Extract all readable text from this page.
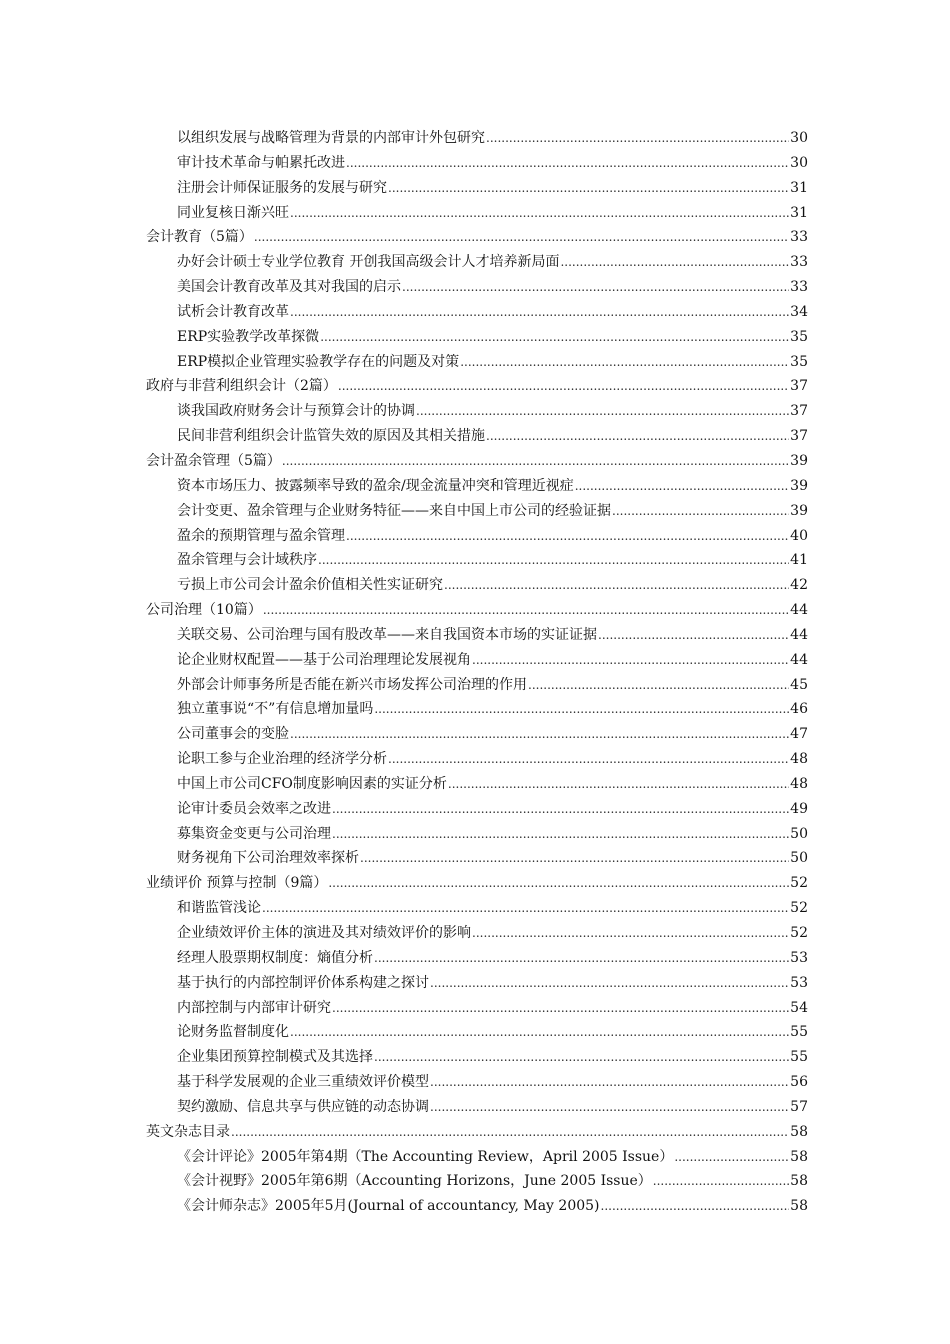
以组织发展与战略管理为背景的内部审计外包研究 .....	30
审计技术革命与帕累托改进 .....	30
注册会计师保证服务的发展与研究 .....	31
同业复核日渐兴旺 .....	31
会计教育（5篇） .....	33
办好会计硕士专业学位教育 开创我国高级会计人才培养新局面 .....	33
美国会计教育改革及其对我国的启示 .....	33
试析会计教育改革 .....	34
ERP实验教学改革探微 .....	35
ERP模拟企业管理实验教学存在的问题及对策 .....	35
政府与非营利组织会计（2篇） .....	37
谈我国政府财务会计与预算会计的协调 .....	37
民间非营利组织会计监管失效的原因及其相关措施 .....	37
会计盈余管理（5篇） .....	39
资本市场压力、披露频率导致的盈余/现金流量冲突和管理近视症 .....	39
会计变更、盈余管理与企业财务特征——来自中国上市公司的经验证据 .....	39
盈余的预期管理与盈余管理 .....	40
盈余管理与会计域秩序 .....	41
亏损上市公司会计盈余价值相关性实证研究 .....	42
公司治理（10篇） .....	44
关联交易、公司治理与国有股改革——来自我国资本市场的实证证据 .....	44
论企业财权配置——基于公司治理理论发展视角 .....	44
外部会计师事务所是否能在新兴市场发挥公司治理的作用 .....	45
独立董事说“不”有信息增加量吗 .....	46
公司董事会的变脸 .....	47
论职工参与企业治理的经济学分析 .....	48
中国上市公司CFO制度影响因素的实证分析 .....	48
论审计委员会效率之改进 .....	49
募集资金变更与公司治理 .....	50
财务视角下公司治理效率探析 .....	50
业绩评价 预算与控制（9篇） .....	52
和谐监管浅论 .....	52
企业绩效评价主体的演进及其对绩效评价的影响 .....	52
经理人股票期权制度：熵值分析 .....	53
基于执行的内部控制评价体系构建之探讨 .....	53
内部控制与内部审计研究 .....	54
论财务监督制度化 .....	55
企业集团预算控制模式及其选择 .....	55
基于科学发展观的企业三重绩效评价模型 .....	56
契约激励、信息共享与供应链的动态协调 .....	57
英文杂志目录 .....	58
《会计评论》2005年第4期（The Accounting Review，April 2005 Issue） .....	58
《会计视野》2005年第6期（Accounting Horizons，June 2005 Issue） .....	58
《会计师杂志》2005年5月(Journal of accountancy, May 2005) .....	58
